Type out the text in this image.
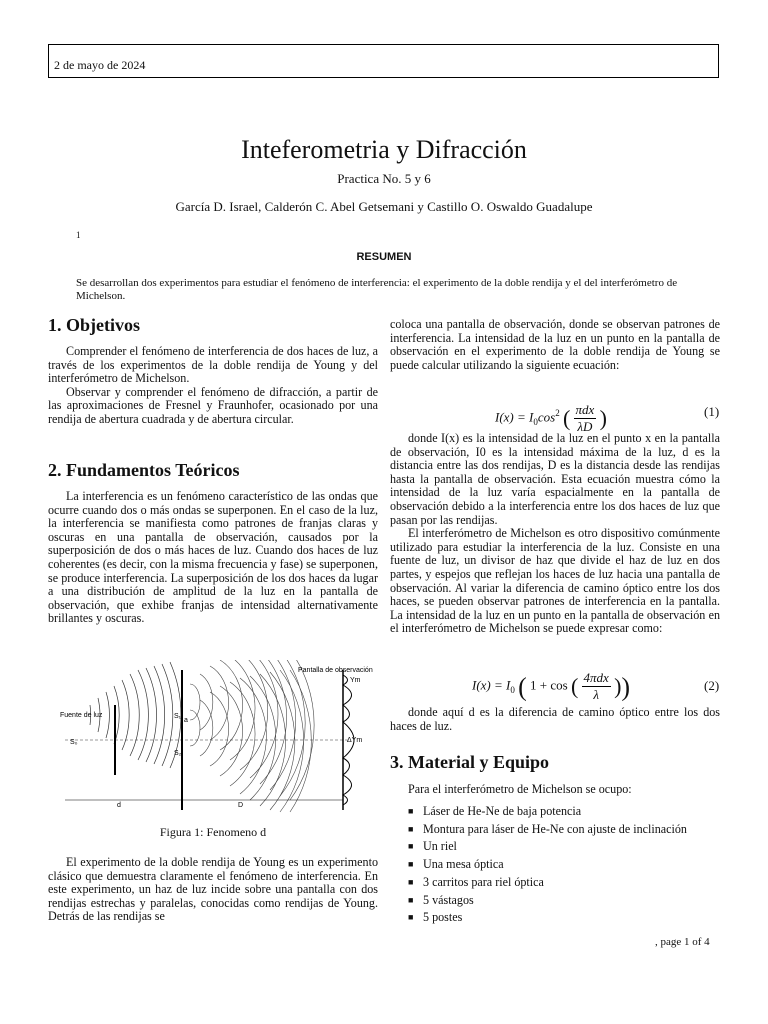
2 de mayo de 2024
Inteferometria y Difracción
Practica No. 5 y 6
García D. Israel, Calderón C. Abel Getsemani y Castillo O. Oswaldo Guadalupe
1
RESUMEN

Se desarrollan dos experimentos para estudiar el fenómeno de interferencia: el experimento de la doble rendija y el del interferómetro de Michelson.

1. Objetivos

Comprender el fenómeno de interferencia de dos haces de luz, a través de los experimentos de la doble rendija de Young y del interferómetro de Michelson.

Observar y comprender el fenómeno de difracción, a partir de las aproximaciones de Fresnel y Fraunhofer, ocasionado por una rendija de abertura cuadrada y de abertura circular.

2. Fundamentos Teóricos

La interferencia es un fenómeno característico de las ondas que ocurre cuando dos o más ondas se superponen. En el caso de la luz, la interferencia se manifiesta como patrones de franjas claras y oscuras en una pantalla de observación, causados por la superposición de dos o más haces de luz. Cuando dos haces de luz coherentes (es decir, con la misma frecuencia y fase) se superponen, se produce interferencia. La superposición de los dos haces da lugar a una distribución de amplitud de la luz en la pantalla de observación, que exhibe franjas de intensidad alternativamente brillantes y oscuras.

Pantalla de observación
Fuente de luz
S₀
S₁
S₂
a
d	D
Ym
ΔYm
Figura 1: Fenomeno d

El experimento de la doble rendija de Young es un experimento clásico que demuestra claramente el fenómeno de interferencia. En este experimento, un haz de luz incide sobre una pantalla con dos rendijas estrechas y paralelas, conocidas como rendijas de Young. Detrás de las rendijas se

coloca una pantalla de observación, donde se observan patrones de interferencia. La intensidad de la luz en un punto en la pantalla de observación en el experimento de la doble rendija de Young se puede calcular utilizando la siguiente ecuación:

$I(x) = I_0\cos^2$ ( πdx
λD )	(1)

donde I(x) es la intensidad de la luz en el punto x en la pantalla de observación, I0 es la intensidad máxima de la luz, d es la distancia entre las dos rendijas, D es la distancia desde las rendijas hasta la pantalla de observación. Esta ecuación muestra cómo la intensidad de la luz varía espacialmente en la pantalla de observación debido a la interferencia entre los dos haces de luz que pasan por las rendijas.

El interferómetro de Michelson es otro dispositivo comúnmente utilizado para estudiar la interferencia de la luz. Consiste en una fuente de luz, un divisor de haz que divide el haz de luz en dos partes, y espejos que reflejan los haces de luz hacia una pantalla de observación. Al variar la diferencia de camino óptico entre los dos haces, se pueden observar patrones de interferencia en la pantalla. La intensidad de la luz en un punto en la pantalla de observación en el interferómetro de Michelson se puede expresar como:

$I(x) = I_0$ ( 1 + cos ( 4πdx
λ ))	(2)

donde aquí d es la diferencia de camino óptico entre los dos haces de luz.

3. Material y Equipo

Para el interferómetro de Michelson se ocupo:

■ Láser de He-Ne de baja potencia
■ Montura para láser de He-Ne con ajuste de inclinación
■ Un riel
■ Una mesa óptica
■ 3 carritos para riel óptica
■ 5 vástagos
■ 5 postes
, page 1 of 4
